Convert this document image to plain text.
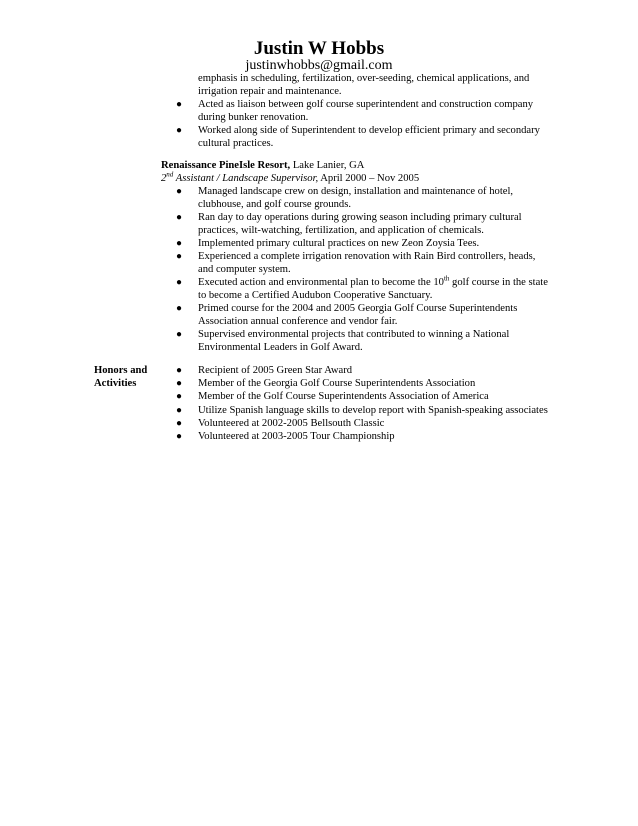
Justin W Hobbs
justinwhobbs@gmail.com
emphasis in scheduling, fertilization, over-seeding, chemical applications, and
irrigation repair and maintenance.
● Acted as liaison between golf course superintendent and construction company
during bunker renovation.
● Worked along side of Superintendent to develop efficient primary and secondary
cultural practices.
Renaissance PineIsle Resort, Lake Lanier, GA
2nd Assistant / Landscape Supervisor, April 2000 – Nov 2005
● Managed landscape crew on design, installation and maintenance of hotel,
clubhouse, and golf course grounds.
● Ran day to day operations during growing season including primary cultural
practices, wilt-watching, fertilization, and application of chemicals.
● Implemented primary cultural practices on new Zeon Zoysia Tees.
● Experienced a complete irrigation renovation with Rain Bird controllers, heads,
and computer system.
● Executed action and environmental plan to become the 10th golf course in the state
to become a Certified Audubon Cooperative Sanctuary.
● Primed course for the 2004 and 2005 Georgia Golf Course Superintendents
Association annual conference and vendor fair.
● Supervised environmental projects that contributed to winning a National
Environmental Leaders in Golf Award.
Honors and
Activities
● Recipient of 2005 Green Star Award
● Member of the Georgia Golf Course Superintendents Association
● Member of the Golf Course Superintendents Association of America
● Utilize Spanish language skills to develop report with Spanish-speaking associates
● Volunteered at 2002-2005 Bellsouth Classic
● Volunteered at 2003-2005 Tour Championship
